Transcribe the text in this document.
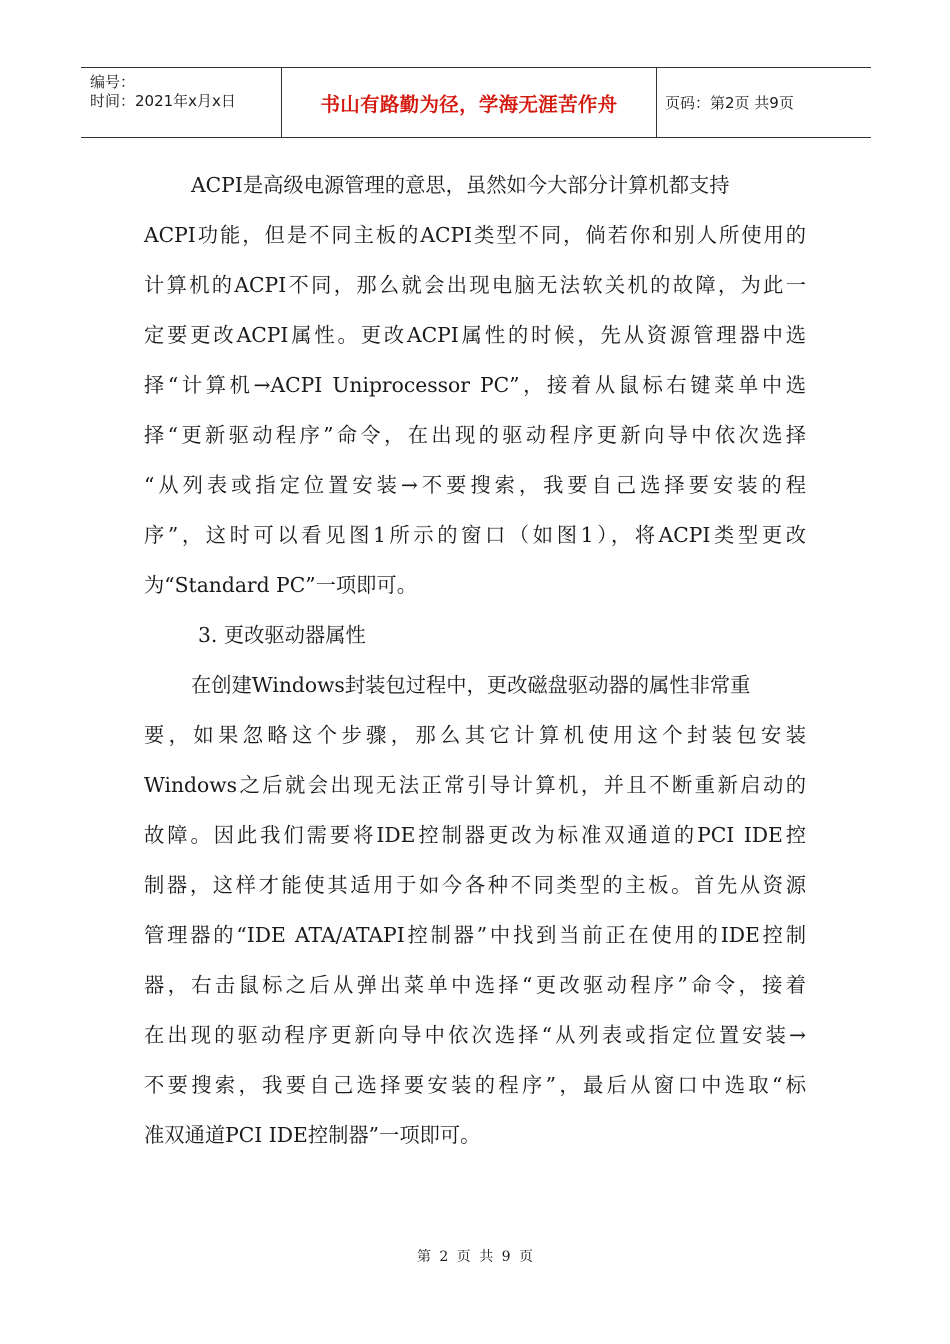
编号：
时间：2021年x月x日	书山有路勤为径，学海无涯苦作舟	页码：第2页 共9页
ACPI是高级电源管理的意思，虽然如今大部分计算机都支持
ACPI功能，但是不同主板的ACPI类型不同，倘若你和别人所使用的
计算机的ACPI不同，那么就会出现电脑无法软关机的故障，为此一
定要更改ACPI属性。更改ACPI属性的时候，先从资源管理器中选
择“计算机→ACPI Uniprocessor PC”，接着从鼠标右键菜单中选
择“更新驱动程序”命令，在出现的驱动程序更新向导中依次选择
“从列表或指定位置安装→不要搜索，我要自己选择要安装的程
序”，这时可以看见图1所示的窗口（如图1），将ACPI类型更改
为“Standard PC”一项即可。
3. 更改驱动器属性
在创建Windows封装包过程中，更改磁盘驱动器的属性非常重
要，如果忽略这个步骤，那么其它计算机使用这个封装包安装
Windows之后就会出现无法正常引导计算机，并且不断重新启动的
故障。因此我们需要将IDE控制器更改为标准双通道的PCI IDE控
制器，这样才能使其适用于如今各种不同类型的主板。首先从资源
管理器的“IDE ATA/ATAPI控制器”中找到当前正在使用的IDE控制
器，右击鼠标之后从弹出菜单中选择“更改驱动程序”命令，接着
在出现的驱动程序更新向导中依次选择“从列表或指定位置安装→
不要搜索，我要自己选择要安装的程序”，最后从窗口中选取“标
准双通道PCI IDE控制器”一项即可。
第 2 页 共 9 页
